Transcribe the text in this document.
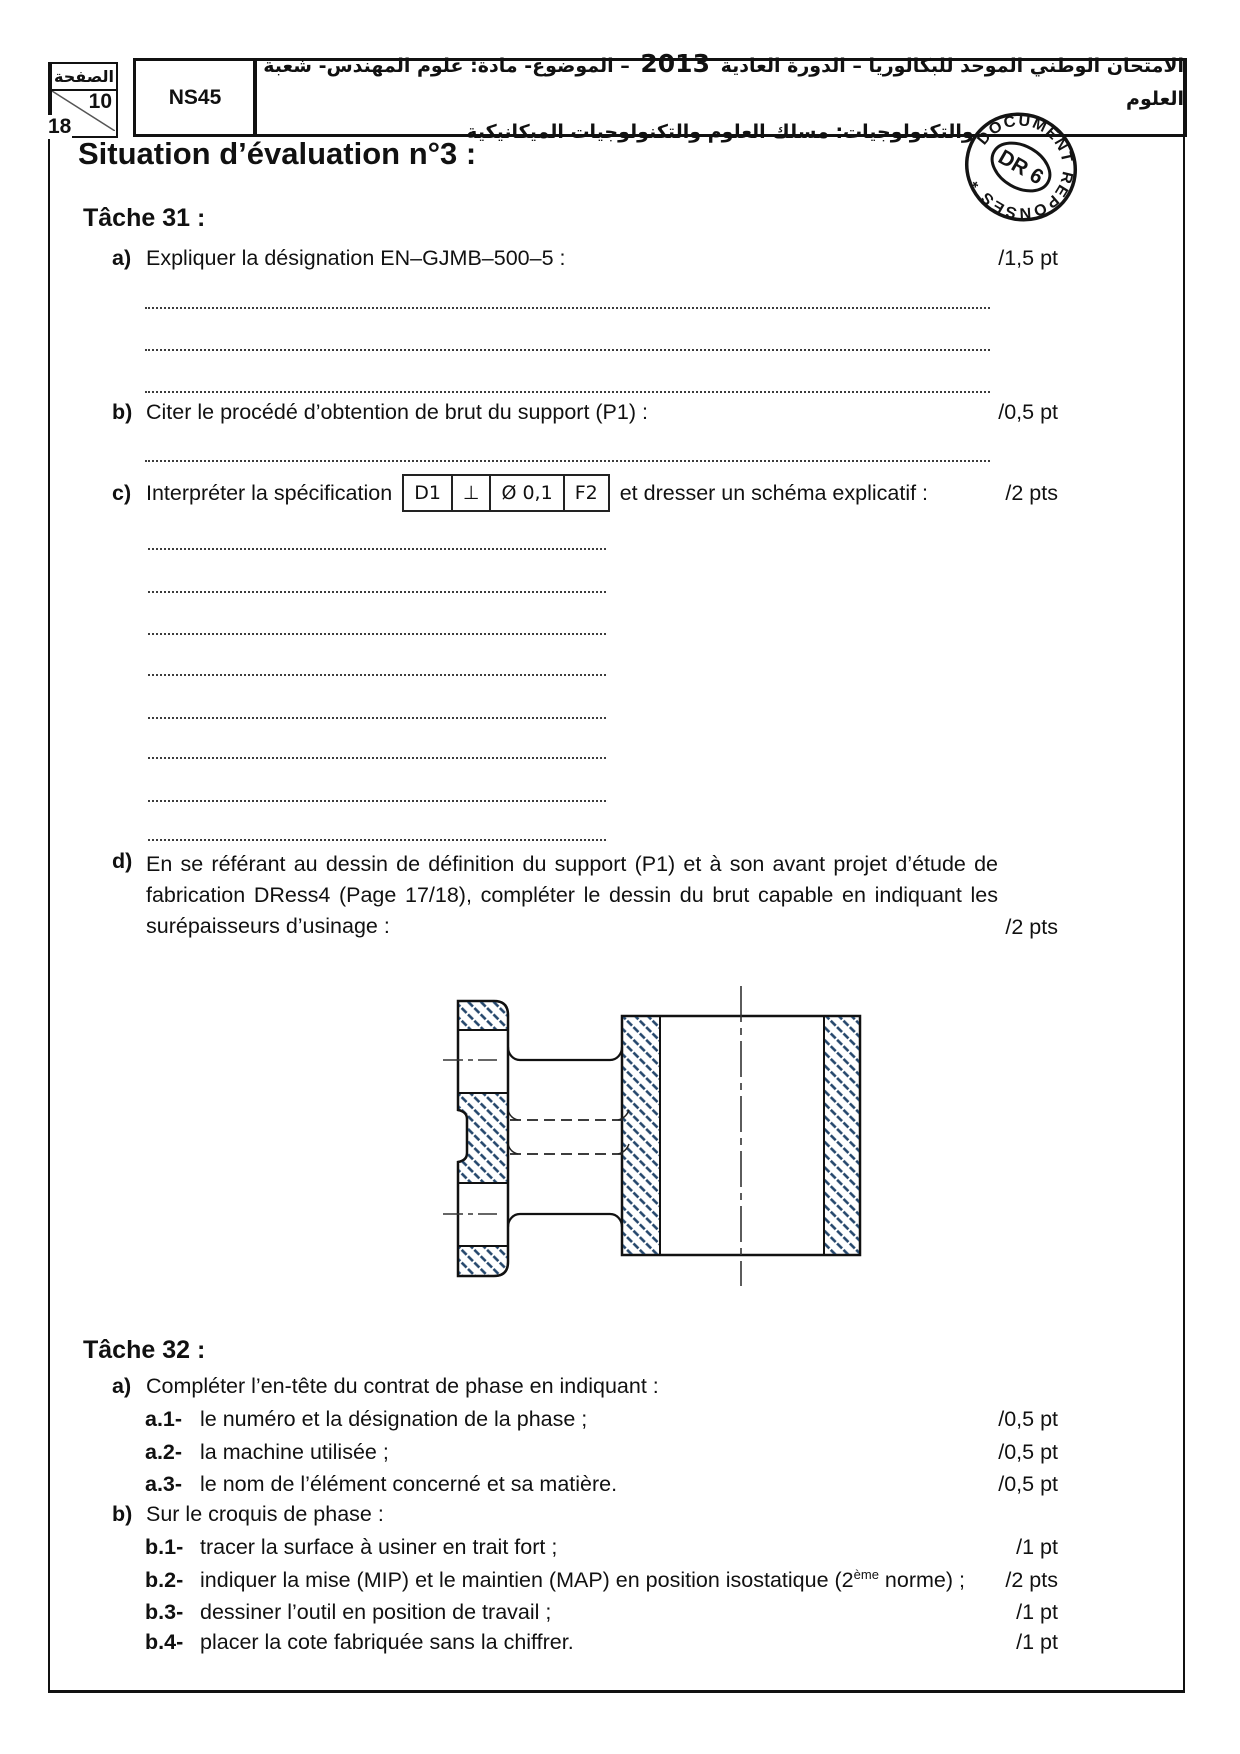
الصفحة
10
18
NS45
الامتحان الوطني الموحد للبكالوريا – الدورة العادية 2013 – الموضوع- مادة: علوم المهندس- شعبة العلوم
والتكنولوجيات: مسلك العلوم والتكنولوجيات الميكانيكية DOCUMENT REPONSES * DR 6
Situation d’évaluation n°3 :
Tâche 31 :
a) Expliquer la désignation EN–GJMB–500–5 :	/1,5 pt
b) Citer le procédé d’obtention de brut du support (P1) :	/0,5 pt
c) Interpréter la spécification	D1	⊥	Ø 0,1	F2	et dresser un schéma explicatif :	/2 pts
d) En se référant au dessin de définition du support (P1) et à son avant projet d’étude de fabrication DRess4 (Page 17/18), compléter le dessin du brut capable en indiquant les surépaisseurs d’usinage :	/2 pts
Tâche 32 :
a) Compléter l’en-tête du contrat de phase en indiquant :
a.1- le numéro et la désignation de la phase ;	/0,5 pt
a.2- la machine utilisée ;	/0,5 pt
a.3- le nom de l’élément concerné et sa matière.	/0,5 pt
b) Sur le croquis de phase :
b.1- tracer la surface à usiner en trait fort ;	/1 pt
b.2- indiquer la mise (MIP) et le maintien (MAP) en position isostatique (2ème norme) ;	/2 pts
b.3- dessiner l’outil en position de travail ;	/1 pt
b.4- placer la cote fabriquée sans la chiffrer.	/1 pt
